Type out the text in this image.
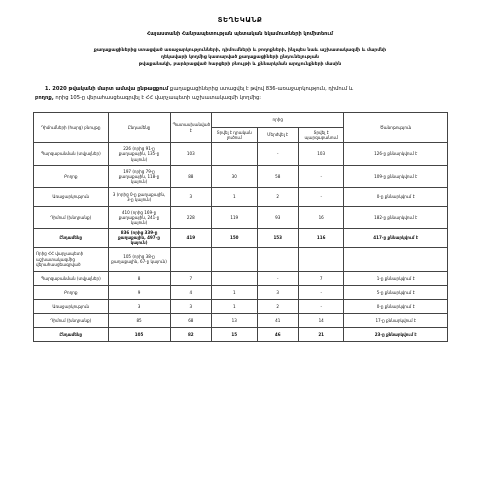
ՏԵՂԵԿԱՆՔ
Հայաստանի Հանրապետության պետական եկամուտների կոմիտեում
քաղաքացիներից ստացված առաջարկությունների, դիմումների և բողոքների, ինչպես նաև աշխատակազմի և մարմնի
ղեկավարի կողմից կատարված քաղաքացիների ընդունելության
թվաքանակի, բարձրացված հարցերի բնույթի և քննարկման արդյունքների մասին
1. 2020 թվականի մարտ ամսվա ընթացքում քաղաքացիներից ստացվել է թվով 836-առաջարկություն, դիմում և
բողոք, որից 105-ը վերահասցեագրվել է ՀՀ վարչապետի աշխատակազմի կողմից:
Դիմումների (հարց) բնույթը	Ընդամենը	Պատասխանված է	որից			Ծանոթություն
			Տրվել է դրական լուծում	Մերժվել է	Տրվել է պարզաբանում	
Պարզաբանման (տվյալներ)	226 (որից 91-ը քաղաքային, 135-ը կայուն)	103		-	103	126-ը քննարկվում է
Բողոք	197 (որից 79-ը քաղաքային, 118-ը կայուն)	88	30	58	-	109-ը քննարկվում է
Առաջարկություն	3 (որից 0-ը քաղաքային, 3-ը կայուն)	3	1	2	-	0-ը քննարկվում է
Դիմում (խնդրանք)	410 (որից 169-ը քաղաքային, 241-ը կայուն)	228	119	93	16	182-ը քննարկվում է
Ընդամենը	836 (որից 339-ը քաղաքային, 497-ը կայուն)	419	150	153	116	417-ը քննարկվում է
Որից ՀՀ վարչապետի աշխատակազմից վերահասցեագրված	105 (որից 38-ը քաղաքային, 67-ը կայուն)					
Պարզաբանման (տվյալներ)	8	7		-	7	1-ը քննարկվում է
Բողոք	9	4	1	3	-	5-ը քննարկվում է
Առաջարկություն	3	3	1	2	-	0-ը քննարկվում է
Դիմում (խնդրանք)	85	68	13	41	14	17-ը քննարկվում է
Ընդամենը	105	82	15	46	21	23-ը քննարկվում է
